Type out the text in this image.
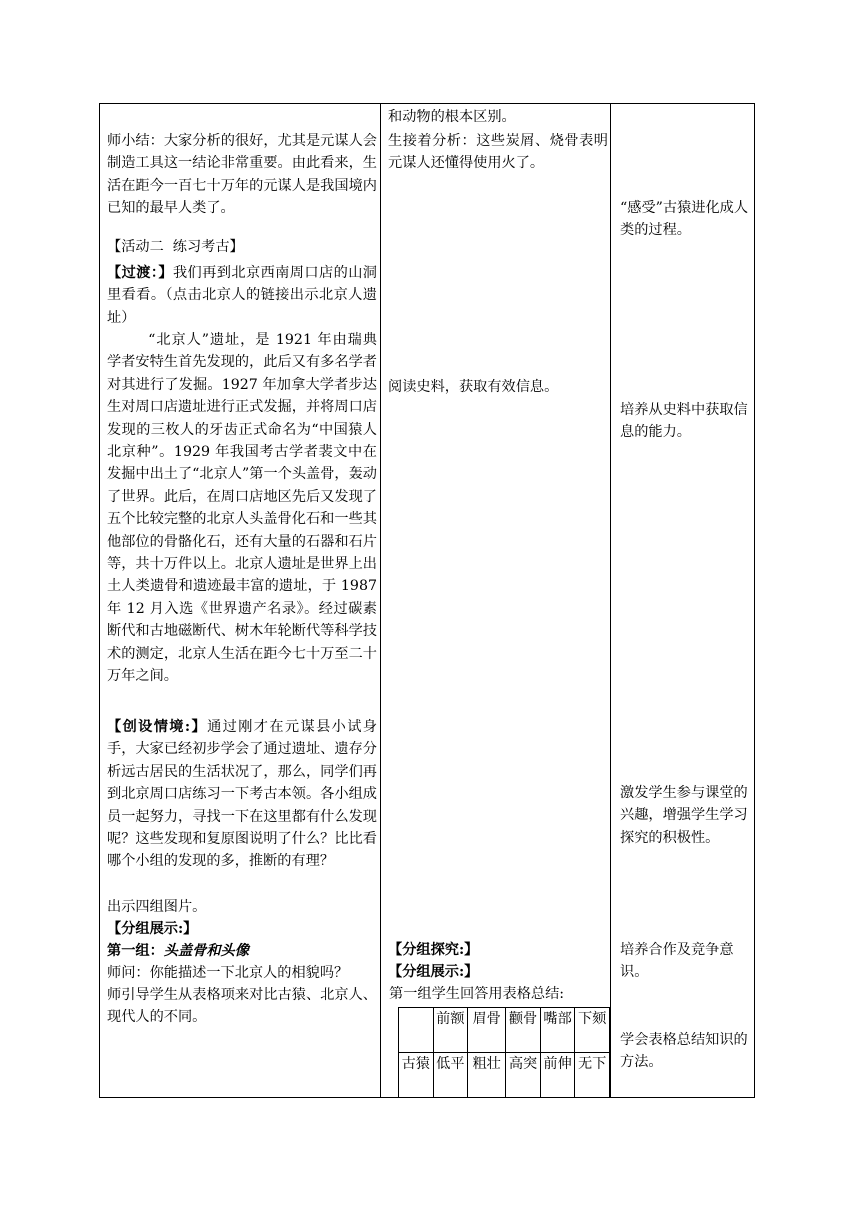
师小结：大家分析的很好，尤其是元谋人会制造工具这一结论非常重要。由此看来，生活在距今一百七十万年的元谋人是我国境内已知的最早人类了。
【活动二  练习考古】
【过渡：】我们再到北京西南周口店的山洞里看看。（点击北京人的链接出示北京人遗址）
“北京人”遗址，是 1921 年由瑞典学者安特生首先发现的，此后又有多名学者对其进行了发掘。1927 年加拿大学者步达生对周口店遗址进行正式发掘，并将周口店发现的三枚人的牙齿正式命名为“中国猿人北京种”。1929 年我国考古学者裴文中在发掘中出土了“北京人”第一个头盖骨，轰动了世界。此后，在周口店地区先后又发现了五个比较完整的北京人头盖骨化石和一些其他部位的骨骼化石，还有大量的石器和石片等，共十万件以上。北京人遗址是世界上出土人类遗骨和遗迹最丰富的遗址，于 1987 年 12 月入选《世界遗产名录》。经过碳素断代和古地磁断代、树木年轮断代等科学技术的测定，北京人生活在距今七十万至二十万年之间。
【创设情境:】通过刚才在元谋县小试身手，大家已经初步学会了通过遗址、遗存分析远古居民的生活状况了，那么，同学们再到北京周口店练习一下考古本领。各小组成员一起努力，寻找一下在这里都有什么发现呢？这些发现和复原图说明了什么？比比看哪个小组的发现的多，推断的有理？
出示四组图片。
【分组展示:】
第一组：头盖骨和头像
师问：你能描述一下北京人的相貌吗？
师引导学生从表格项来对比古猿、北京人、现代人的不同。
和动物的根本区别。
生接着分析：这些炭屑、烧骨表明元谋人还懂得使用火了。
阅读史料，获取有效信息。
【分组探究:】
【分组展示:】
第一组学生回答用表格总结:
	前额	眉骨	颧骨	嘴部	下颏
古猿	低平	粗壮	高突	前伸	无下
“感受”古猿进化成人类的过程。
培养从史料中获取信息的能力。
激发学生参与课堂的兴趣，增强学生学习探究的积极性。
培养合作及竞争意识。
学会表格总结知识的方法。
